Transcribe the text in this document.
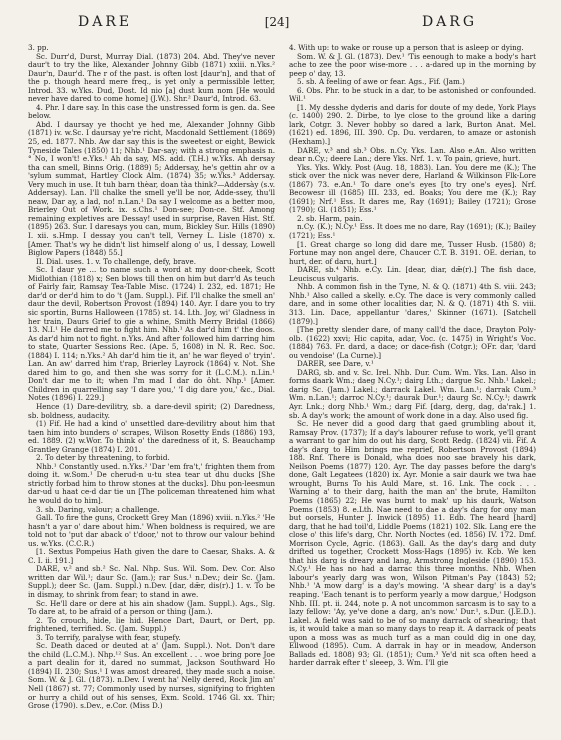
DARE	[24]	DARG

3. pp.

Sc. Durr'd, Durst, Murray Dial. (1873) 204. Abd. They've never daur't to try the like, Alexander Johnny Gibb (1871) xxiii. n.Yks.² Daur'n, Daur'd. The r of the past. is often lost [daur'n], and that of the p. though heard mere freq., is yet only a permissible letter, Introd. 33. w.Yks. Dud, Dost. Id nio [a] dust kum nom [He would never have dared to come home] (J.W.). Shr.² Daur'd, Introd. 63.

4. Phr. I dare say. In this case the unstressed form is gen. da. See below.

Abd. I daursay ye thocht ye hed me, Alexander Johnny Gibb (1871) iv. w.Sc. I daursay ye're richt, Macdonald Settlement (1869) 25, ed. 1877. Nhb. Aw dar say this is the sweetest or eight, Bewick Tyneside Tales (1850) 11; Nhb.¹ Dar-say; with a strong emphasis n.° No, I won't! e.Yks.¹ Ah da say, MS. add. (T.H.) w.Yks. Ah dersay tha can smell, Binns Orig. (1889) 5; Addersay, he's gettin ahr ov a 'sylum summat, Hartley Clock Alm. (1874) 35; w.Yks.³ Addersay. Very much in use. It tuh barn thèar, doan tàa think?—Addersày (s.v. Addersay). Lan. I'll chalke the smell ye'll be nor, Adde-ssey, thu'll neaw, Dar ay, a lad, no! n.Lan.¹ Da say I welcome as a better moo, Brierley Out of Work. ix. s.Chs.¹ Don-see; Don-ce. Stf. Among remaining expletives are Dessay! used in surprise, Raven Hist. Stf. (1895) 263. Sur. I daresays you can, mum, Bickley Sur. Hills (1890) I. xii. s.Hmp. I dessay you can't tell, Verney L. Lisle (1870) x. [Amer. That's wy he didn't list himself along o' us, I dessay, Lowell Biglow Papers (1848) 55.]

II. Dial. uses. 1. v. To challenge, defy, brave.

Sc. I daur ye ... to name such a word at my door-cheek, Scott Midlothian (1818) x; Sen blows till then on him but darr'd As teuch of Fairly fair, Ramsay Tea-Table Misc. (1724) I. 232, ed. 1871; He dar'd or der'd him to do 't (Jam. Suppl.). Fif. I'll chalke the smell an' daur the devil, Robertson Provost (1894) 140. Ayr. I dare you to try sic sportin, Burns Halloween (1785) st. 14. Lth. Joy, wi' Gladness in her train, Daurs Grief to gie a whine, Smith Merry Bridal (1866) 13. N.I.¹ He darred me to fight him. Nhb.¹ As dar'd him t' the doos. As dar'd him not to fight. n.Yks. And after followed him darring him to state, Quarter Sessions Rec. (Ape. 5, 1608) in N. R. Rec. Soc. (1884) I. 114; n.Yks.² Ah dar'd him tie it, an' he war fleyed o' tryin'. Lan. An aw' darred him t'rap, Brierley Layrock (1864) v. Not. She dared him to go, and then she was sorry for it (L.C.M.). n.Lin.¹ Don't dar me to it; when I'm mad I dar do ôht. Nhp.¹ [Amer. Children in quarrelling say 'I dare you,' 'I dig dare you,' &c., Dial. Notes (1896) I. 229.]

Hence (1) Dare-devilitry, sb. a dare-devil spirit; (2) Daredness, sb. boldness, audacity.

(1) Fif. He had a kind o' unsettled dare-devilitry about him that taen him into bunders o' scrapes, Wilson Rosetty Ends (1886) 193, ed. 1889. (2) w.Wor. To think o' the daredness of it, S. Beauchamp Grantley Grange (1874) I. 201.

2. To deter by threatening, to forbid.

Nhb.¹ Constantly used. n.Yks.² 'Dar 'em fra't,' frighten them from doing it. w.Som.¹ De cherud-n u-tu stea tear ut dhu ducks [She strictly forbad him to throw stones at the ducks]. Dhu pon-leesmun dar-ud u haat ce-d dar tie un [The policeman threatened him what he would do to him].

3. sb. Daring, valour; a challenge.

Gall. To fire the guns, Crockett Grey Man (1896) xviii. n.Yks.² 'He hasn't a yar o' dare about him.' When boldness is required, we are told not to 'put dar aback o' t'door,' not to throw our valour behind us. w.Yks. (C.C.R.)

[1. Sextus Pompeius Hath given the dare to Caesar, Shaks. A. & C. I. ii. 191.]

DARE, v.² and sb.² Sc. Nal. Nhp. Sus. Wil. Som. Dev. Cor. Also written dar Wil.¹; daur Sc. (Jam.); rar Sus.¹ n.Dev.; deir Sc. (Jam. Suppl.); deer Sc. (Jam. Suppl.) n.Dev. [dar, dǣr, dis(r).] 1. v. To be in dismay, to shrink from fear; to stand in awe.

Sc. He'll dare or dere at his ain shadow (Jam. Suppl.). Ags., Slg. To dare at, to be afraid of a person or thing (Jam.).

2. To crouch, hide, lie hid. Hence Dart, Daurt, or Dert, pp. frightened, terrified. Sc. (Jam. Suppl.)

3. To terrify, paralyse with fear, stupefy.

Sc. Death daced or deuted at a' (Jam. Suppl.). Not. Don't dare the child (L.C.M.). Nhp.¹² Sus. An excellent . . . woe bring pore Joe a part dealin for it, dared no summat, Jackson Southward Ho (1894) II. 230; Sus.¹ I was amost dreared, they made such a noise. Som. W. & J. Gl. (1873). n.Dev. I went ha' Nelly dered, Rock Jim an' Nell (1867) st. 77; Commonly used by nurses, signifying to frighten or hurry a child out of his senses, Exm. Scold. 1746 Gl. xx. Thir; Grose (1790). s.Dev., e.Cor. (Miss D.)

4. With up: to wake or rouse up a person that is asleep or dying.

Som. W. & J. Gl. (1873). Dev.¹ 'Tis eenough to make a body's hart ache to zee the poor wise-more . . . a-dared up in the morning by peep o' day, 13.

5. sb. A feeling of awe or fear. Ags., Fif. (Jam.)

6. Obs. Phr. to be stuck in a dar, to be astonished or confounded. Wil.¹

[1. My desshe dyderis and daris for doute of my dede, York Plays (c. 1400) 290. 2. Dirbe, to lye close to the ground like a daring lark, Cotgr. 3. Never hobby so dared a lark, Burton Anat. Mel. (1621) ed. 1896, III. 390. Cp. Du. verdaren, to amaze or astonish (Hexham).]

DARE, v.³ and sb.³ Obs. n.Cy. Yks. Lan. Also e.An. Also written dear n.Cy.; deere Lan.; dere Yks. Nrf. 1. v. To pain, grieve, hurt.

Yks. Yks. Wkly. Post (Aug. 18, 1883). Lan. You dere me (K.); The stick over the nick was never dere, Harland & Wilkinson Flk-Lore (1867) 73. e.An.¹ To dare one's eyes [to try one's eyes]. Nrf. Becowesr ill (1685) III. 233, ed. Boaks; You dere me (K.); Ray (1691); Nrf.¹ Ess. It dares me, Ray (1691); Bailey (1721); Grose (1790); Gl. (1851); Ess.¹

2. sb. Harm, pain.

n.Cy. (K.); N.Cy.¹ Ess. It does me no dare, Ray (1691); (K.); Bailey (1721); Ess.¹

[1. Great charge so long did dare me, Tusser Husb. (1580) 8; Fortune may non angel dere, Chaucer C.T. B. 3191. OE. derian, to hurt, der. of daru, hurt.]

DARE, sb.⁴ Nhb. e.Cy. Lin. [dear, diar, dǣ(r).] The fish dace, Leuciscus vulgaris.

Nhb. A common fish in the Tyne, N. & Q. (1871) 4th S. viii. 243; Nhb.¹ Also called a skelly. e.Cy. The dace is very commonly called dare, and in some other localities dar, N. & Q. (1871) 4th S. viii. 313. Lin. Dace, appellantur 'dares,' Skinner (1671). [Satchell (1879).]

[The pretty slender dare, of many call'd the dace, Drayton Poly-olb. (1622) xxvi; Hic capita, adar, Voc. (c. 1475) in Wright's Voc. (1884) 763. Fr. dard, a dace; or dace-fish (Cotgr.); OFr. dar, 'dard ou vendoise' (La Curne).]

DARER, see Dare, v.¹

DARG, sb. and v. Sc. Irel. Nhb. Dur. Cum. Wm. Yks. Lan. Also in forms daark Wm.; daeg N.Cy.¹; dairg Lth.; dargue Sc. Nhb.¹ Lakel.; darig Sc. (Jam.) Lakel.; darrack Lakel. Wm. Lan.¹; darrak Cum.³ Wm. n.Lan.¹; darroc N.Cy.¹; daurak Dur.¹; daurg Sc. N.Cy.¹; dawrk Ayr. Lnk.; dorg Nhb.¹ Wm.; darg Fif. [darg, derg, dag, da'rak.] 1. sb. A day's work; the amount of work done in a day. Also used fig.

Sc. He never did a good darg that gaed grumbling about it, Ramsay Prov. (1737); If a day's labourer refuse to work, ye'll grant a warrant to gar him do out his darg, Scott Redg. (1824) vii. Fif. A day's darg to Him brings me reprief, Robertson Provost (1894) 188. Rnf. There is Donald, wha does noo sae bravely his dark, Neilson Poems (1877) 120. Ayr. The day passes before the darg's done, Galt Legatees (1820) ix. Ayr. Monie a sair daurk we twa hae wrought, Burns To his Auld Mare, st. 16. Lnk. The cock . . . Warning a' to their darg, haith the man an' the brute, Hamilton Poems (1865) 22; He was burnt to mak' up his daurk, Watson Poems (1853) 8. e.Lth. Nae need to dae a day's darg for ony man but oorsels, Hunter J. Inwick (1895) 11. Edb. The heard [hard] darg, that he had toil'd, Liddle Poems (1821) 102. Slk. Lang ere the close o' this life's darg, Chr. North Noctes (ed. 1856) IV. 172. Dmf. Morrison Cycle, Agric. (1863). Gall. As the day's darg and duty drifted us together, Crockett Moss-Hags (1895) iv. Kcb. We ken that his darg is dreary and lang, Armstrong Ingleside (1890) 153. N.Cy.¹ He has no had a darrac this three months. Nhb. When labour's yearly darg was won, Wilson Pitman's Pay (1843) 52; Nhb.¹ 'A mow darg' is a day's mowing. 'A shear darg' is a day's reaping. 'Each tenant is to perform yearly a mow dargue,' Hodgson Nhb. III. pt. ii. 244, note p. A not uncommon sarcasm is to say to a lazy fellow: 'Ay, ye've done a darg, an's now.' Dur.¹, s.Dur. (J.E.D.). Lakel. A field was said to be of so many darrack of shearing; that is, it would take a man so many days to reap it. A darrack of peats upon a moss was as much turf as a man could dig in one day, Ellwood (1895). Cum. A darrak in hay or in meadow, Anderson Ballads ed. 1808) 93; Gl. (1851); Cum.³ Ye'd nit sca often heed a harder darrak efter t' sleeep, 3. Wm. I'll gie
